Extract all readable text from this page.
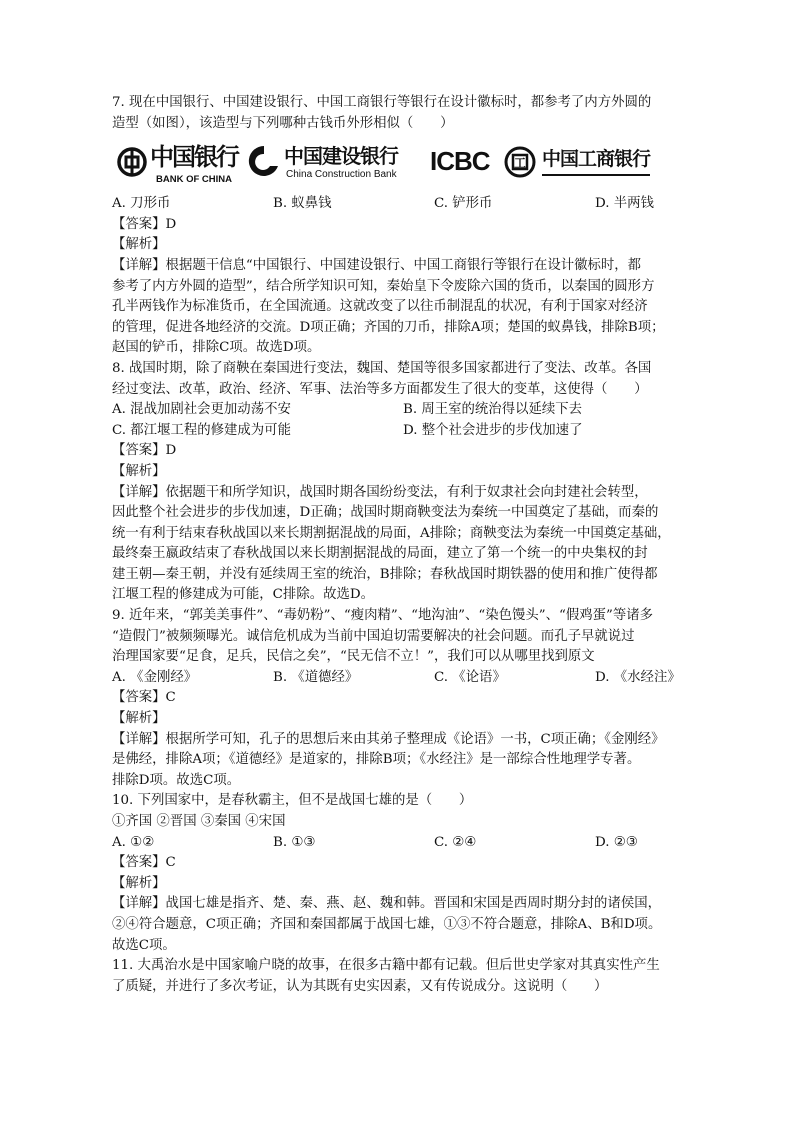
7. 现在中国银行、中国建设银行、中国工商银行等银行在设计徽标时，都参考了内方外圆的
造型（如图），该造型与下列哪种古钱币外形相似（　　）
中国银行
BANK OF CHINA
中国建设银行
China Construction Bank ICBC 工 中国工商银行
A. 刀形币	B. 蚁鼻钱	C. 铲形币	D. 半两钱
【答案】D
【解析】
【详解】根据题干信息“中国银行、中国建设银行、中国工商银行等银行在设计徽标时，都
参考了内方外圆的造型”，结合所学知识可知，秦始皇下令废除六国的货币，以秦国的圆形方
孔半两钱作为标准货币，在全国流通。这就改变了以往币制混乱的状况，有利于国家对经济
的管理，促进各地经济的交流。D项正确；齐国的刀币，排除A项；楚国的蚁鼻钱，排除B项；
赵国的铲币，排除C项。故选D项。
8. 战国时期，除了商鞅在秦国进行变法，魏国、楚国等很多国家都进行了变法、改革。各国
经过变法、改革，政治、经济、军事、法治等多方面都发生了很大的变革，这使得（　　）
A. 混战加剧社会更加动荡不安	B. 周王室的统治得以延续下去
C. 都江堰工程的修建成为可能	D. 整个社会进步的步伐加速了
【答案】D
【解析】
【详解】依据题干和所学知识，战国时期各国纷纷变法，有利于奴隶社会向封建社会转型，
因此整个社会进步的步伐加速，D正确；战国时期商鞅变法为秦统一中国奠定了基础，而秦的
统一有利于结束春秋战国以来长期割据混战的局面，A排除；商鞅变法为秦统一中国奠定基础，
最终秦王嬴政结束了春秋战国以来长期割据混战的局面，建立了第一个统一的中央集权的封
建王朝—秦王朝，并没有延续周王室的统治，B排除；春秋战国时期铁器的使用和推广使得都
江堰工程的修建成为可能，C排除。故选D。
9. 近年来，“郭美美事件”、“毒奶粉”、“瘦肉精”、“地沟油”、“染色馒头”、“假鸡蛋”等诸多
“造假门”被频频曝光。诚信危机成为当前中国迫切需要解决的社会问题。而孔子早就说过
治理国家要“足食，足兵，民信之矣”，“民无信不立！”，我们可以从哪里找到原文
A. 《金刚经》	B. 《道德经》	C. 《论语》	D. 《水经注》
【答案】C
【解析】
【详解】根据所学可知，孔子的思想后来由其弟子整理成《论语》一书，C项正确；《金刚经》
是佛经，排除A项；《道德经》是道家的，排除B项；《水经注》是一部综合性地理学专著。
排除D项。故选C项。
10. 下列国家中，是春秋霸主，但不是战国七雄的是（　　）
①齐国 ②晋国 ③秦国 ④宋国
A. ①②	B. ①③	C. ②④	D. ②③
【答案】C
【解析】
【详解】战国七雄是指齐、楚、秦、燕、赵、魏和韩。晋国和宋国是西周时期分封的诸侯国，
②④符合题意，C项正确；齐国和秦国都属于战国七雄，①③不符合题意，排除A、B和D项。
故选C项。
11. 大禹治水是中国家喻户晓的故事，在很多古籍中都有记载。但后世史学家对其真实性产生
了质疑，并进行了多次考证，认为其既有史实因素，又有传说成分。这说明（　　）
